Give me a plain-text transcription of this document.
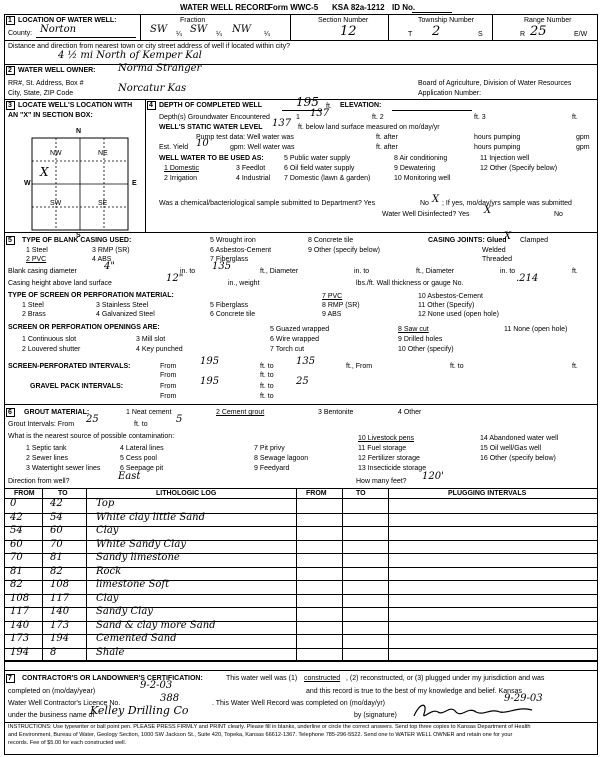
WATER WELL RECORD
Form WWC-5 KSA 82a-1212 ID No.
1 LOCATION OF WATER WELL:
County: Norton
Fraction
SW ¼ SW ¼ NW ¼
Section Number
12
Township Number
T 2	S
Range Number
R 25	E/W
Distance and direction from nearest town or city street address of well if located within city?
4 ½ mi North of Kemper Kal
2 WATER WELL OWNER: Norma Stranger
RR#, St. Address, Box #
City, State, ZIP Code	Norcatur Kas	Board of Agriculture, Division of Water Resources
Application Number:
3 LOCATE WELL'S LOCATION WITH
AN "X" IN SECTION BOX:
N
S
W	E
NW	NE
SW	SE
X
4 DEPTH OF COMPLETED WELL	195 ft. ELEVATION:
Depth(s) Groundwater Encountered	1 137	ft. 2	ft. 3	ft.
WELL'S STATIC WATER LEVEL 137 ft. below land surface measured on mo/day/yr
Pump test data: Well water was	ft. after	hours pumping	gpm
Est. Yield 10	gpm: Well water was	ft. after	hours pumping	gpm
WELL WATER TO BE USED AS:
1 Domestic
2 Irrigation
3 Feedlot
4 Industrial
5 Public water supply
6 Oil field water supply
7 Domestic (lawn & garden)
8 Air conditioning
9 Dewatering
10 Monitoring well
11 Injection well
12 Other (Specify below)
Was a chemical/bacteriological sample submitted to Department? Yes	No X ; If yes, mo/day/yrs sample was submitted
Water Well Disinfected? Yes X	No
5 TYPE OF BLANK CASING USED:
1 Steel
2 PVC
3 RMP (SR)
4 ABS
5 Wrought iron
6 Asbestos-Cement
7 Fiberglass
8 Concrete tile
9 Other (specify below)
CASING JOINTS: Glued
X Clamped
Welded
Threaded
Blank casing diameter	4"	in. to 135	ft., Diameter	in. to	ft., Diameter	in. to	ft.
Casing height above land surface	12"	in., weight	lbs./ft. Wall thickness or gauge No.	.214
TYPE OF SCREEN OR PERFORATION MATERIAL:
1 Steel
2 Brass
3 Stainless Steel
4 Galvanized Steel
5 Fiberglass
6 Concrete tile
7 PVC
8 RMP (SR)
9 ABS
10 Asbestos-Cement
11 Other (Specify)
12 None used (open hole)
SCREEN OR PERFORATION OPENINGS ARE:
1 Continuous slot
2 Louvered shutter
3 Mill slot
4 Key punched
5 Guazed wrapped
6 Wire wrapped
7 Torch cut
8 Saw cut
9 Drilled holes
10 Other (specify)
11 None (open hole)
SCREEN-PERFORATED INTERVALS:	From 195	ft. to 135	ft., From	ft. to	ft.
From	ft. to
GRAVEL PACK INTERVALS:	From 195	ft. to 25
From	ft. to
6 GROUT MATERIAL:	1 Neat cement	2 Cement grout	3 Bentonite	4 Other
Grout Intervals: From 25	ft. to	5
What is the nearest source of possible contamination:
1 Septic tank
2 Sewer lines
3 Watertight sewer lines
4 Lateral lines
5 Cess pool
6 Seepage pit
7 Pit privy
8 Sewage lagoon
9 Feedyard
10 Livestock pens
11 Fuel storage
12 Fertilizer storage
13 Insecticide storage
14 Abandoned water well
15 Oil well/Gas well
16 Other (specify below)
Direction from well?	East	How many feet? 120'
FROM	TO	LITHOLOGIC LOG	FROM	TO	PLUGGING INTERVALS
0	42	Top
42	54	White clay little Sand
54	60	Clay
60	70	White Sandy Clay
70	81	Sandy limestone
81	82	Rock
82	108	limestone Soft
108 117	Clay
117 140	Sandy Clay
140 173	Sand & clay more Sand
173 194	Cemented Sand
194 8	Shale
7 CONTRACTOR'S OR LANDOWNER'S CERTIFICATION:	This water well was (1) constructed , (2) reconstructed, or (3) plugged under my jurisdiction and was
completed on (mo/day/year)
9-2-03
and this record is true to the best of my knowledge and belief. Kansas
Water Well Contractor's Licence No.	388	. This Water Well Record was completed on (mo/day/yr)	9-29-03
under the business name of
Kelley Drilling Co	by (signature)
INSTRUCTIONS: Use typewriter or ball point pen. PLEASE PRESS FIRMLY and PRINT clearly. Please fill in blanks, underline or circle the correct answers. Send top three copies to Kansas Department of Health
and Environment, Bureau of Water, Geology Section, 1000 SW Jackson St., Suite 420, Topeka, Kansas 66612-1367. Telephone 785-296-5522. Send one to WATER WELL OWNER and retain one for your
records. Fee of $5.00 for each constructed well.
